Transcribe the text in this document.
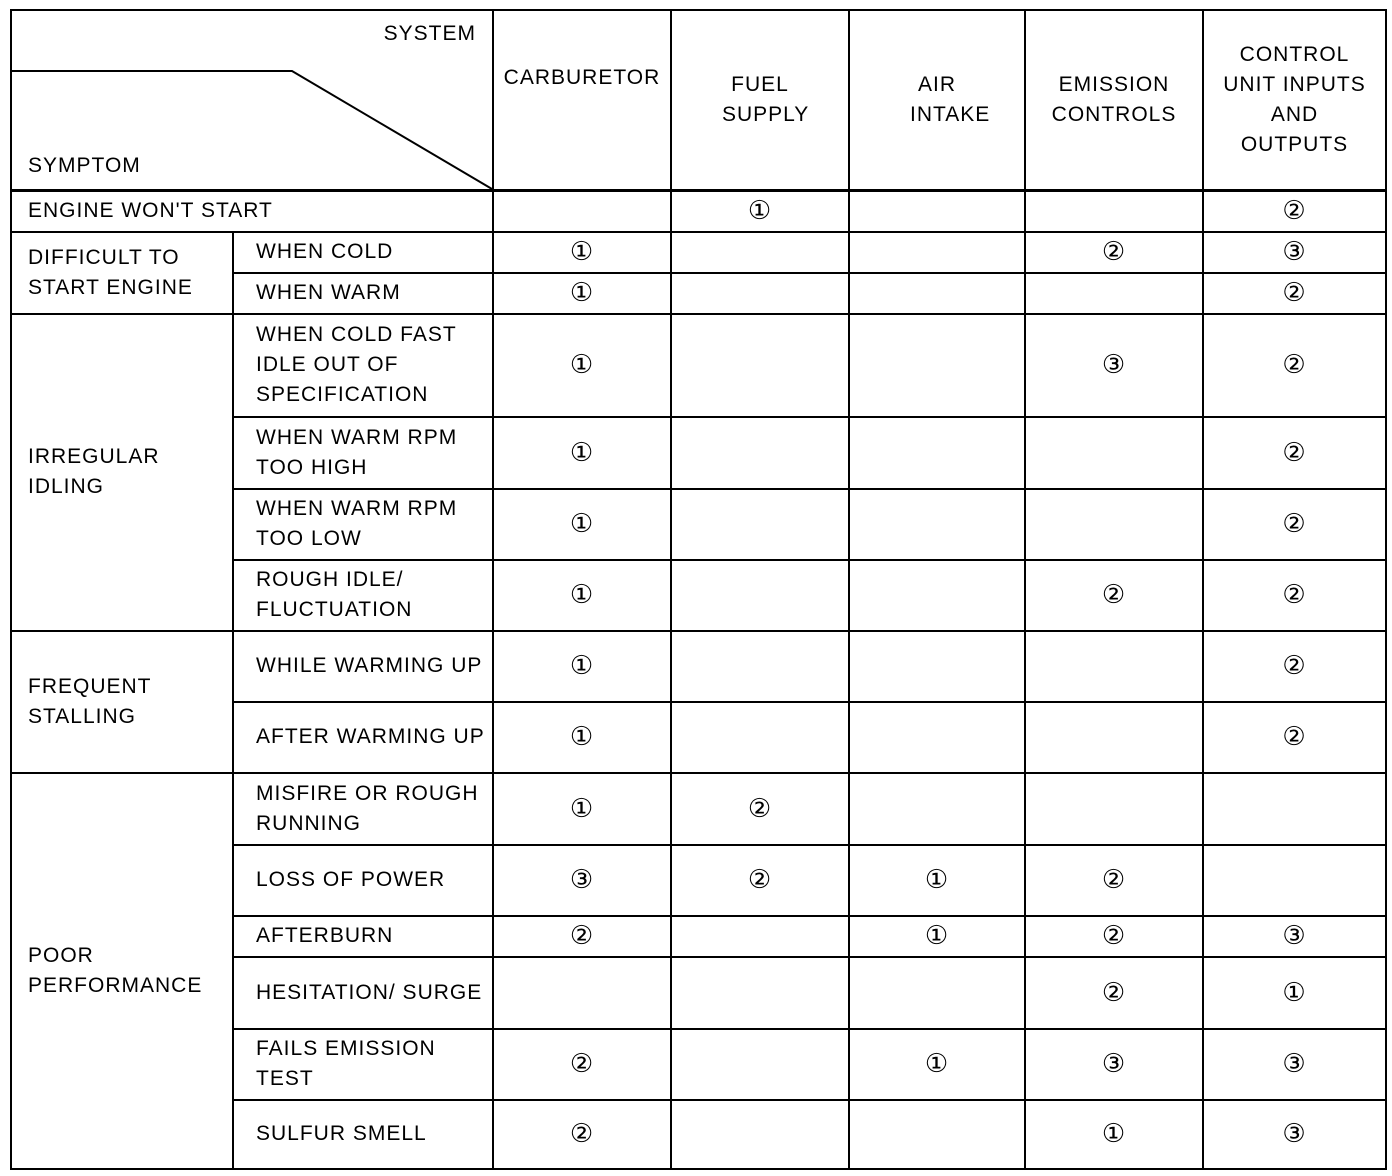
SYSTEM
SYMPTOM		CARBURETOR	FUEL SUPPLY	AIR INTAKE	EMISSION CONTROLS	CONTROL UNIT INPUTS AND OUTPUTS
ENGINE WON'T START			①			②
DIFFICULT TO START ENGINE	WHEN COLD	①			②	③
	WHEN WARM	①				②
IRREGULAR IDLING	WHEN COLD FAST IDLE OUT OF SPECIFICATION	①			③	②
	WHEN WARM RPM TOO HIGH	①				②
	WHEN WARM RPM TOO LOW	①				②
	ROUGH IDLE/ FLUCTUATION	①			②	②
FREQUENT STALLING	WHILE WARMING UP	①				②
	AFTER WARMING UP	①				②
POOR PERFORMANCE	MISFIRE OR ROUGH RUNNING	①	②			
	LOSS OF POWER	③	②	①	②	
	AFTERBURN	②		①	②	③
	HESITATION/ SURGE				②	①
	FAILS EMISSION TEST	②		①	③	③
	SULFUR SMELL	②			①	③
